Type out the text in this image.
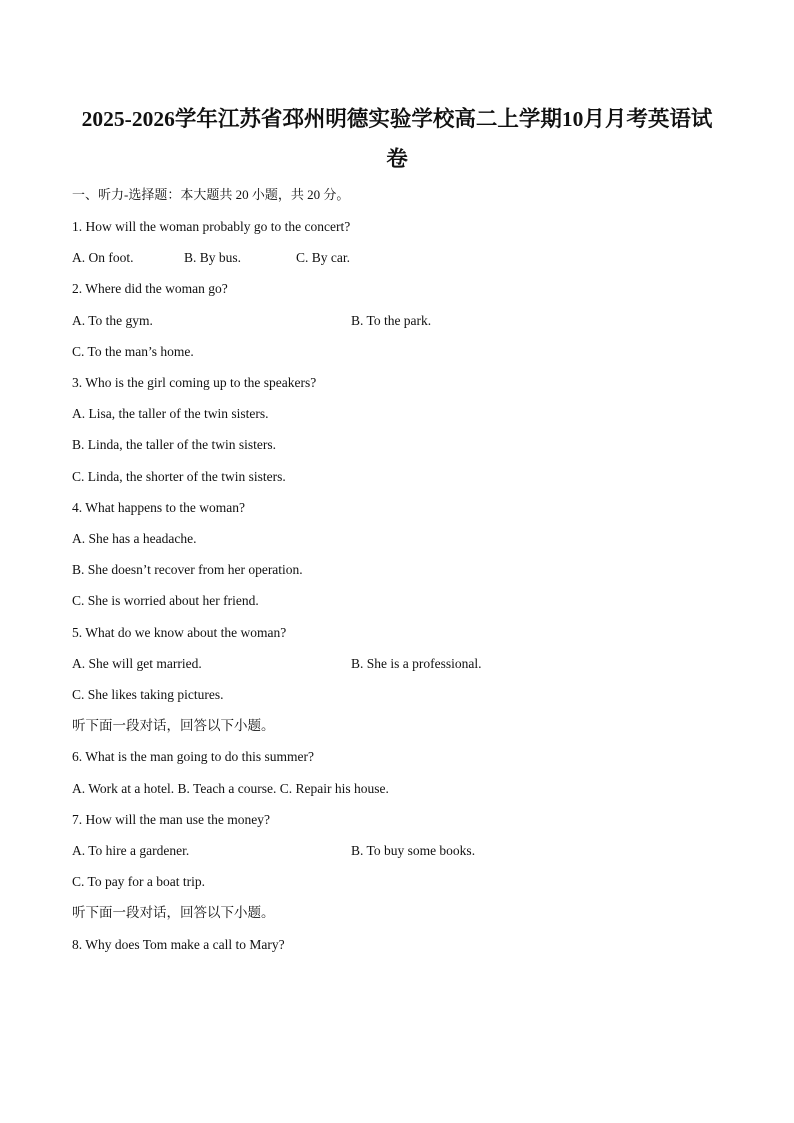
2025-2026学年江苏省邳州明德实验学校高二上学期10月月考英语试
卷
一、听力-选择题：本大题共 20 小题，共 20 分。
1. How will the woman probably go to the concert?
A. On foot.	B. By bus.	C. By car.
2. Where did the woman go?
A. To the gym.	B. To the park.
C. To the man’s home.
3. Who is the girl coming up to the speakers?
A. Lisa, the taller of the twin sisters.
B. Linda, the taller of the twin sisters.
C. Linda, the shorter of the twin sisters.
4. What happens to the woman?
A. She has a headache.
B. She doesn’t recover from her operation.
C. She is worried about her friend.
5. What do we know about the woman?
A. She will get married.	B. She is a professional.
C. She likes taking pictures.
听下面一段对话，回答以下小题。
6. What is the man going to do this summer?
A. Work at a hotel. B. Teach a course. C. Repair his house.
7. How will the man use the money?
A. To hire a gardener.	B. To buy some books.
C. To pay for a boat trip.
听下面一段对话，回答以下小题。
8. Why does Tom make a call to Mary?
